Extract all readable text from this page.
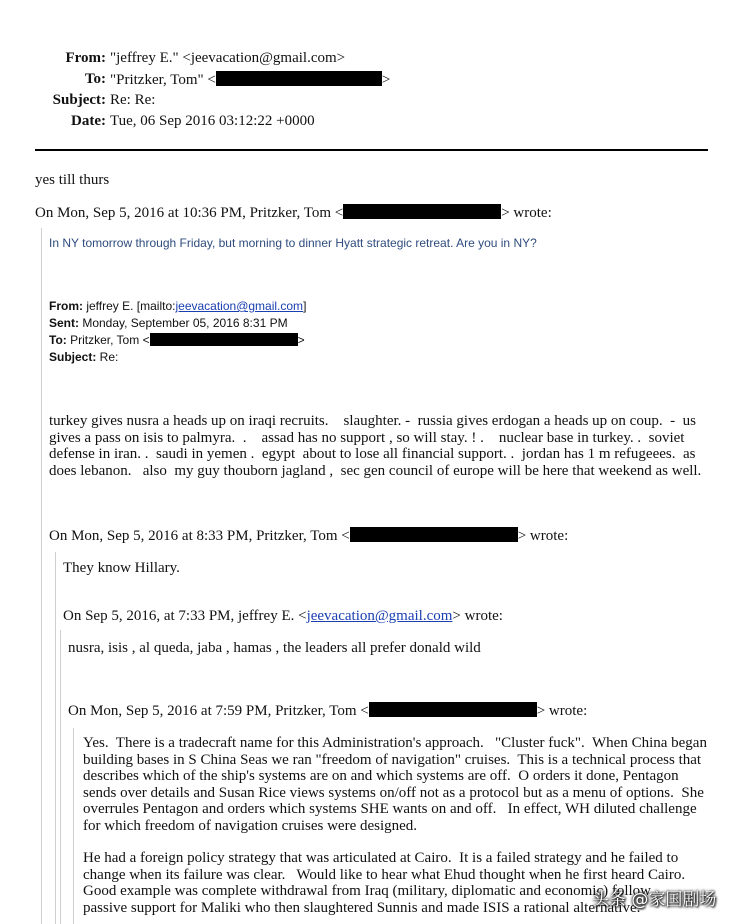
From: "jeffrey E." <jeevacation@gmail.com>
To: "Pritzker, Tom" <	>
Subject: Re: Re:
Date: Tue, 06 Sep 2016 03:12:22 +0000
yes till thurs
On Mon, Sep 5, 2016 at 10:36 PM, Pritzker, Tom <	> wrote:
In NY tomorrow through Friday, but morning to dinner Hyatt strategic retreat. Are you in NY?
From: jeffrey E. [mailto:jeevacation@gmail.com]
Sent: Monday, September 05, 2016 8:31 PM
To: Pritzker, Tom <	>
Subject: Re:
turkey gives nusra a heads up on iraqi recruits.    slaughter. -  russia gives erdogan a heads up on coup.  -  us
gives a pass on isis to palmyra.  .    assad has no support , so will stay. ! .    nuclear base in turkey. .  soviet
defense in iran. .  saudi in yemen .  egypt  about to lose all financial support. .  jordan has 1 m refugeees.  as
does lebanon.   also  my guy thouborn jagland ,  sec gen council of europe will be here that weekend as well.
On Mon, Sep 5, 2016 at 8:33 PM, Pritzker, Tom <	> wrote:
They know Hillary.
On Sep 5, 2016, at 7:33 PM, jeffrey E. <jeevacation@gmail.com> wrote:
nusra, isis , al queda, jaba , hamas , the leaders all prefer donald wild
On Mon, Sep 5, 2016 at 7:59 PM, Pritzker, Tom <	> wrote:
Yes.  There is a tradecraft name for this Administration's approach.   "Cluster fuck".  When China began
building bases in S China Seas we ran "freedom of navigation" cruises.  This is a technical process that
describes which of the ship's systems are on and which systems are off.  O orders it done, Pentagon
sends over details and Susan Rice views systems on/off not as a protocol but as a menu of options.  She
overrules Pentagon and orders which systems SHE wants on and off.   In effect, WH diluted challenge
for which freedom of navigation cruises were designed.
He had a foreign policy strategy that was articulated at Cairo.  It is a failed strategy and he failed to
change when its failure was clear.   Would like to hear what Ehud thought when he first heard Cairo.
Good example was complete withdrawal from Iraq (military, diplomatic and economic) follow
passive support for Maliki who then slaughtered Sunnis and made ISIS a rational alternative.
头条 @家国剧场
